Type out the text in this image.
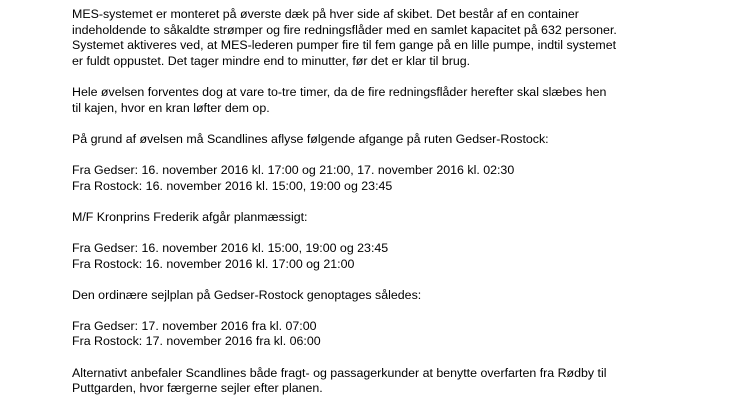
MES-systemet er monteret på øverste dæk på hver side af skibet. Det består af en container
indeholdende to såkaldte strømper og fire redningsflåder med en samlet kapacitet på 632 personer.
Systemet aktiveres ved, at MES-lederen pumper fire til fem gange på en lille pumpe, indtil systemet
er fuldt oppustet. Det tager mindre end to minutter, før det er klar til brug.

Hele øvelsen forventes dog at vare to-tre timer, da de fire redningsflåder herefter skal slæbes hen
til kajen, hvor en kran løfter dem op.

På grund af øvelsen må Scandlines aflyse følgende afgange på ruten Gedser-Rostock:

Fra Gedser: 16. november 2016 kl. 17:00 og 21:00, 17. november 2016 kl. 02:30
Fra Rostock: 16. november 2016 kl. 15:00, 19:00 og 23:45

M/F Kronprins Frederik afgår planmæssigt:

Fra Gedser: 16. november 2016 kl. 15:00, 19:00 og 23:45
Fra Rostock: 16. november 2016 kl. 17:00 og 21:00

Den ordinære sejlplan på Gedser-Rostock genoptages således:

Fra Gedser: 17. november 2016 fra kl. 07:00
Fra Rostock: 17. november 2016 fra kl. 06:00

Alternativt anbefaler Scandlines både fragt- og passagerkunder at benytte overfarten fra Rødby til
Puttgarden, hvor færgerne sejler efter planen.
